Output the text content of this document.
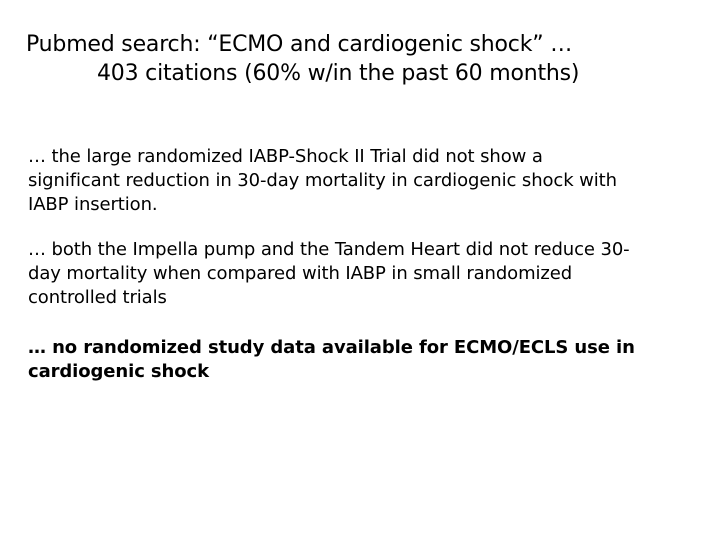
Pubmed search: “ECMO and cardiogenic shock” …
403 citations (60% w/in the past 60 months)
… the large randomized IABP-Shock II Trial did not show a
significant reduction in 30-day mortality in cardiogenic shock with
IABP insertion.
… both the Impella pump and the Tandem Heart did not reduce 30-
day mortality when compared with IABP in small randomized
controlled trials
… no randomized study data available for ECMO/ECLS use in
cardiogenic shock
